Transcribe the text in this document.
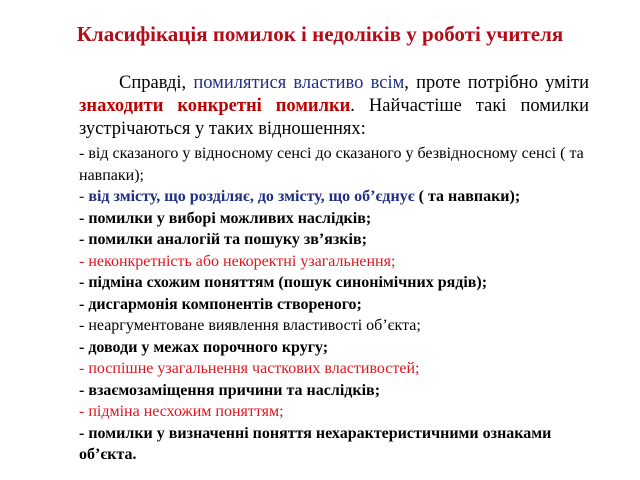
Класифікація помилок і недоліків у роботі учителя

Справді, помилятися властиво всім, проте потрібно уміти знаходити конкретні помилки. Найчастіше такі помилки зустрічаються у таких відношеннях:

- від сказаного у відносному сенсі до сказаного у безвідносному сенсі ( та навпаки);
- від змісту, що розділяє, до змісту, що об’єднує ( та навпаки);
- помилки у виборі можливих наслідків;
- помилки аналогій та пошуку зв’язків;
- неконкретність або некоректні узагальнення;
- підміна схожим поняттям (пошук синонімічних рядів);
- дисгармонія компонентів створеного;
- неаргументоване виявлення властивості об’єкта;
- доводи у межах порочного кругу;
- поспішне узагальнення часткових властивостей;
- взаємозаміщення причини та наслідків;
- підміна несхожим поняттям;
- помилки у визначенні поняття нехарактеристичними ознаками об’єкта.
